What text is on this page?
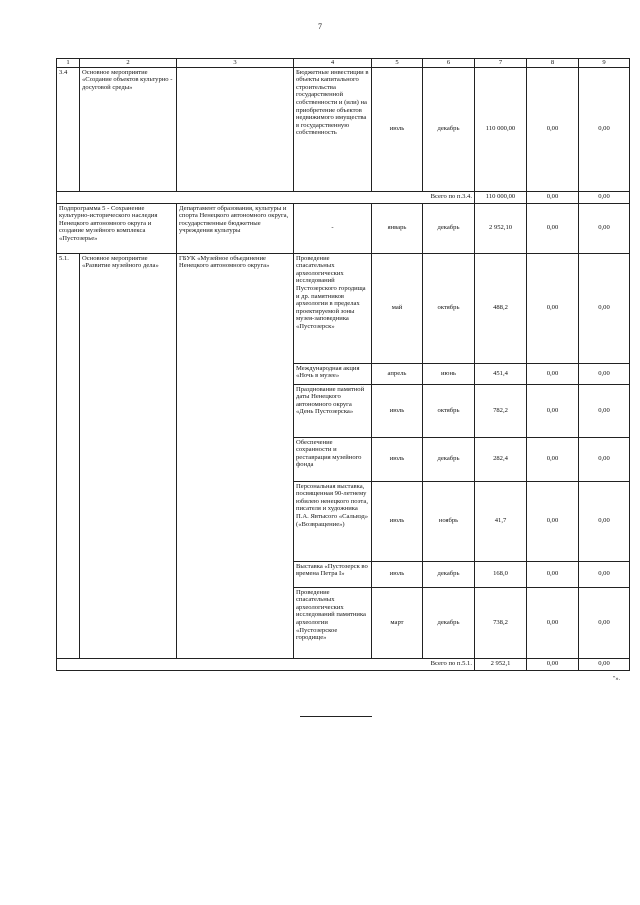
7
1	2	3	4	5	6	7	8	9
3.4	Основное мероприятие «Создание объектов культурно - досуговой среды»		Бюджетные инвестиции в объекты капитального строительства государственной собственности и (или) на приобретение объектов недвижимого имущества в государственную собственность	июль	декабрь	110 000,00	0,00	0,00
Всего по п.3.4.						110 000,00	0,00	0,00
Подпрограмма 5 - Сохранение культурно-исторического наследия Ненецкого автономного округа и создание музейного комплекса «Пустозерье»		Департамент образования, культуры и спорта Ненецкого автономного округа, государственные бюджетные учреждения культуры	-	январь	декабрь	2 952,10	0,00	0,00
5.1.	Основное мероприятие «Развитие музейного дела»	ГБУК «Музейное объединение Ненецкого автономного округа»	Проведение спасательных археологических исследований Пустозерского городища и др. памятников археологии в пределах проектируемой зоны музея-заповедника «Пустозерск»	май	октябрь	488,2	0,00	0,00
			Международная акция «Ночь в музее»	апрель	июнь	451,4	0,00	0,00
			Празднование памятной даты Ненецкого автономного округа «День Пустозерска»	июль	октябрь	782,2	0,00	0,00
			Обеспечение сохранности и реставрация музейного фонда	июль	декабрь	282,4	0,00	0,00
			Персональная выставка, посвященная 90-летнему юбилею ненецкого поэта, писателя и художника П.А. Явтысого «Сальвэд» («Возвращение»)	июль	ноябрь	41,7	0,00	0,00
			Выставка «Пустозерск во времена Петра I»	июль	декабрь	168,0	0,00	0,00
			Проведение спасательных археологических исследований памятника археологии «Пустозерское городище»	март	декабрь	738,2	0,00	0,00
Всего по п.5.1.						2 952,1	0,00	0,00
"».
